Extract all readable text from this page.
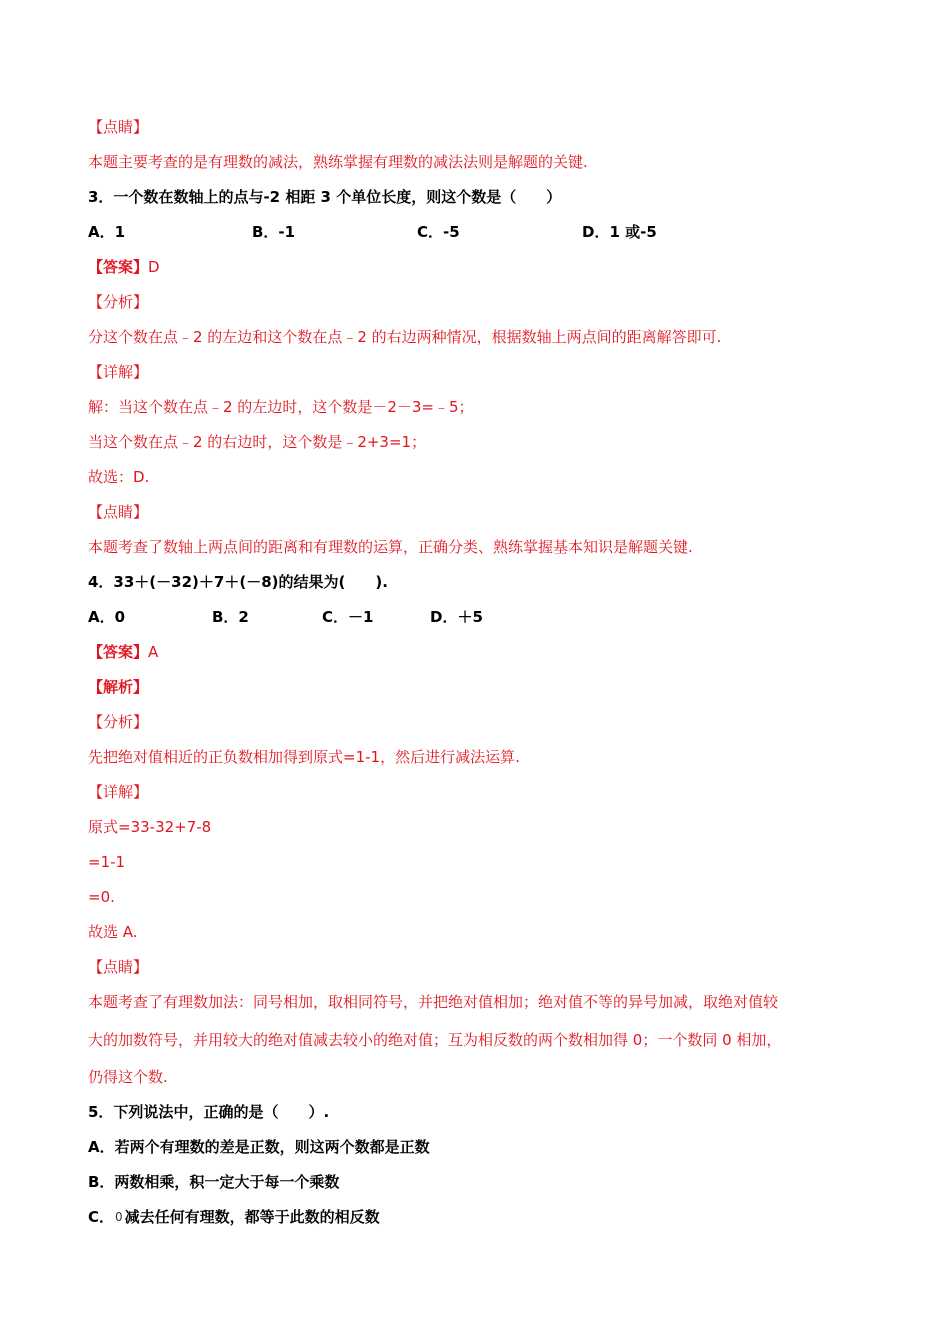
【点睛】
本题主要考查的是有理数的减法，熟练掌握有理数的减法法则是解题的关键.
3．一个数在数轴上的点与-2 相距 3 个单位长度，则这个数是（　　）
A．1	B．-1	C．-5	D．1 或-5
【答案】D
【分析】
分这个数在点﹣2 的左边和这个数在点﹣2 的右边两种情况，根据数轴上两点间的距离解答即可.
【详解】
解：当这个数在点﹣2 的左边时，这个数是－2－3=﹣5；
当这个数在点﹣2 的右边时，这个数是﹣2+3=1；
故选：D.
【点睛】
本题考查了数轴上两点间的距离和有理数的运算，正确分类、熟练掌握基本知识是解题关键.
4．33＋(－32)＋7＋(－8)的结果为(　　).
A．0	B．2	C．－1	D．＋5
【答案】A
【解析】
【分析】
先把绝对值相近的正负数相加得到原式=1-1，然后进行减法运算.
【详解】
原式=33-32+7-8
=1-1
=0.
故选 A.
【点睛】
本题考查了有理数加法：同号相加，取相同符号，并把绝对值相加；绝对值不等的异号加减，取绝对值较
大的加数符号，并用较大的绝对值减去较小的绝对值；互为相反数的两个数相加得 0；一个数同 0 相加，
仍得这个数.
5．下列说法中，正确的是（　　）.
A．若两个有理数的差是正数，则这两个数都是正数
B．两数相乘，积一定大于每一个乘数
C．$^0$ 减去任何有理数，都等于此数的相反数
